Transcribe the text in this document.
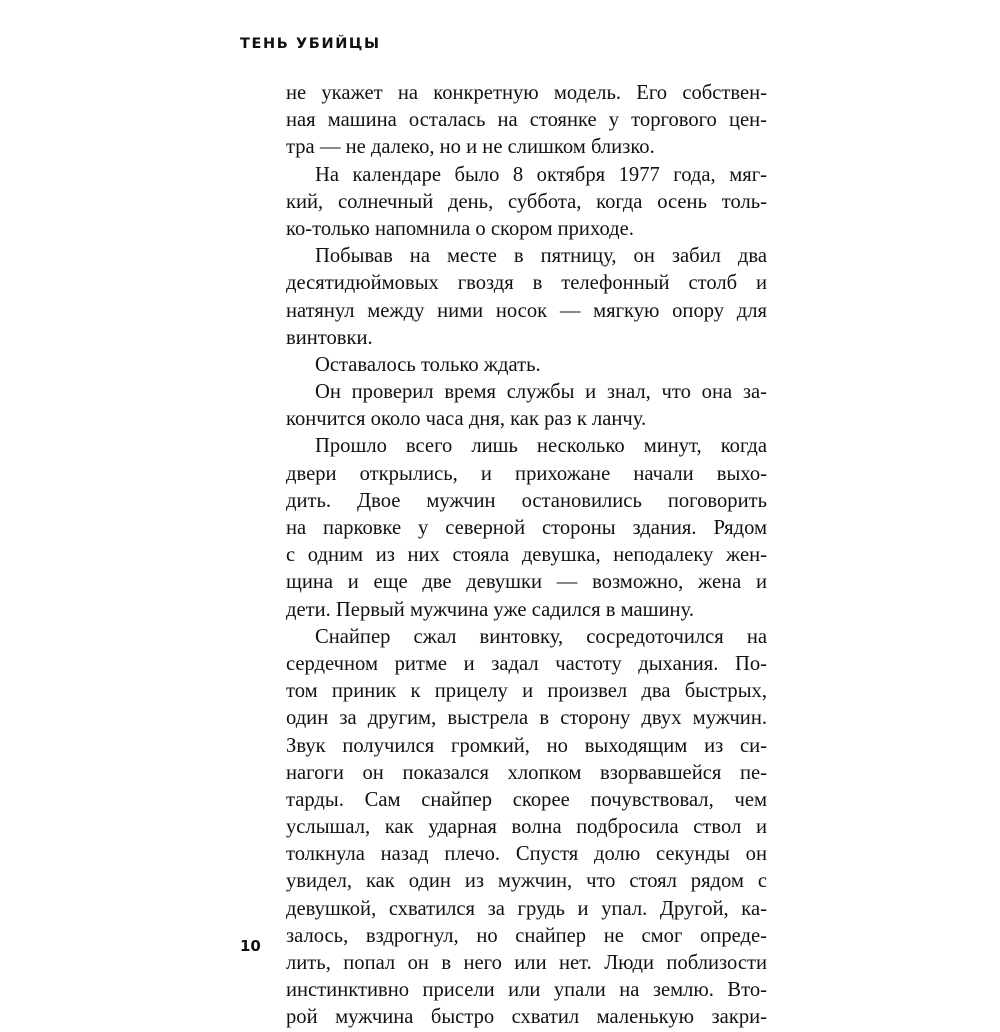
ТЕНЬ УБИЙЦЫ
не укажет на конкретную модель. Его собствен-
ная машина осталась на стоянке у торгового цен-
тра — не далеко, но и не слишком близко.
На календаре было 8 октября 1977 года, мяг-
кий, солнечный день, суббота, когда осень толь-
ко-только напомнила о скором приходе.
Побывав на месте в пятницу, он забил два
десятидюймовых гвоздя в телефонный столб и
натянул между ними носок — мягкую опору для
винтовки.
Оставалось только ждать.
Он проверил время службы и знал, что она за-
кончится около часа дня, как раз к ланчу.
Прошло всего лишь несколько минут, когда
двери открылись, и прихожане начали выхо-
дить. Двое мужчин остановились поговорить
на парковке у северной стороны здания. Рядом
с одним из них стояла девушка, неподалеку жен-
щина и еще две девушки — возможно, жена и
дети. Первый мужчина уже садился в машину.
Снайпер сжал винтовку, сосредоточился на
сердечном ритме и задал частоту дыхания. По-
том приник к прицелу и произвел два быстрых,
один за другим, выстрела в сторону двух мужчин.
Звук получился громкий, но выходящим из си-
нагоги он показался хлопком взорвавшейся пе-
тарды. Сам снайпер скорее почувствовал, чем
услышал, как ударная волна подбросила ствол и
толкнула назад плечо. Спустя долю секунды он
увидел, как один из мужчин, что стоял рядом с
девушкой, схватился за грудь и упал. Другой, ка-
залось, вздрогнул, но снайпер не смог опреде-
лить, попал он в него или нет. Люди поблизости
инстинктивно присели или упали на землю. Вто-
рой мужчина быстро схватил маленькую закри-
10
